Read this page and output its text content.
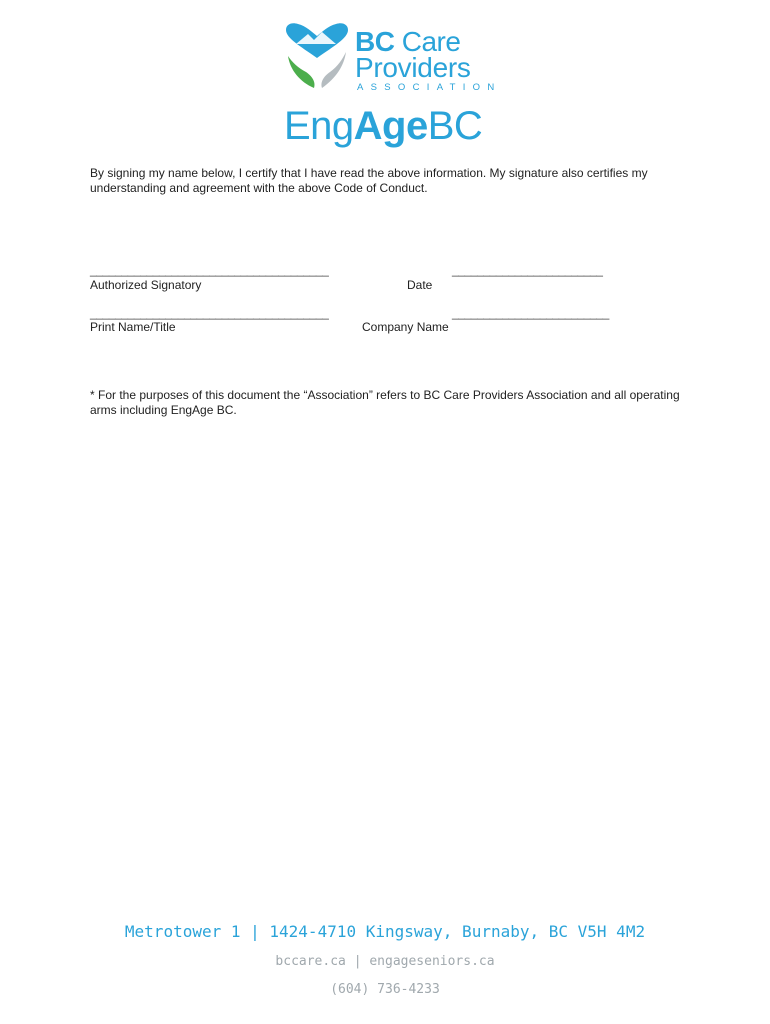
BC Care
Providers
ASSOCIATION
EngAgeBC
By signing my name below, I certify that I have read the above information. My signature also certifies my understanding and agreement with the above Code of Conduct.
______________________________________
Authorized Signatory
________________________
Date
______________________________________
Print Name/Title
_________________________
Company Name
* For the purposes of this document the “Association” refers to BC Care Providers Association and all operating arms including EngAge BC.
Metrotower 1 | 1424-4710 Kingsway, Burnaby, BC V5H 4M2
bccare.ca | engageseniors.ca
(604) 736-4233
